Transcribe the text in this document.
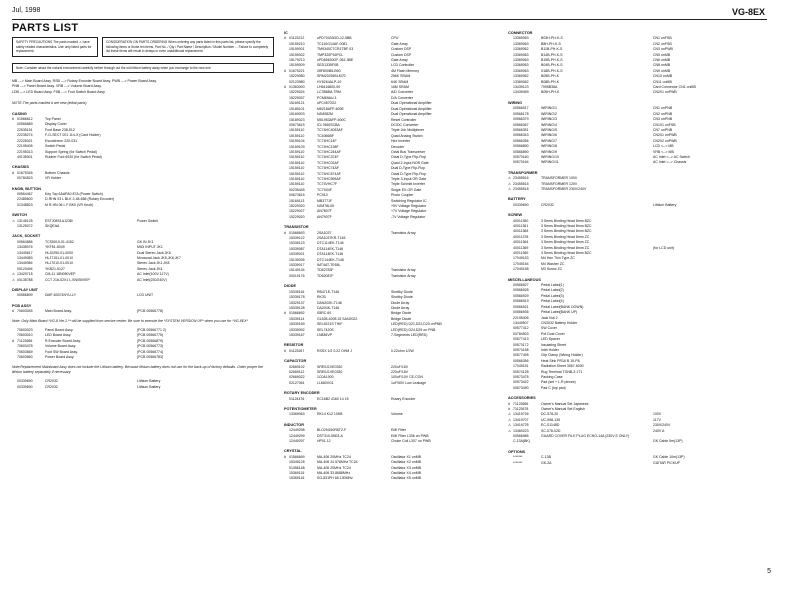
Jul, 1998	VG-8EX
PARTS LIST
SAFETY PRECAUTIONS The parts marked ⚠ have safety related characteristics. Use only listed parts for replacement.
CONSIDERATION ON PARTS ORDERING When ordering any parts listed in this parts list, please specify the following items or those ten items. Part No. / Qty / Part Name / Description / Model Number ... Failure to completely list these items will result in delays or even unadditional replacement.
Note: Consider about the natural environment carefully before through out the old lithium battery away when you exchange to the new one.
MB ---> Main Board Assy. RSB ---> Rotary Encoder Board Assy. PWB ---> Power Board Assy.
PNB ---> Panel Board Assy. VRB ---> Volume Board Assy.
LDB ---> LED Board Assy. FSB ---> Foot Switch Board Assy.
NOTE:The parts marked # are new (initial parts)
CASING
# 01566612	Top Panel
00566689	Display Cover
22535151	Foot Base 238-512
22235274	F-G-SECT 001 114-X (Card Holder)
22225021	Escutcheon 220-031
22195405	Switch Pedal
22195313	Support Spring (for Switch Pedal)
40135001	Rubber Foot 6920 (for Switch Pedal)
CHASSIS
# 01675345	Bottom Chassis
00784523	VR Holder
KNOB, BUTTON
00564467	Key Top 6AAPA0 87A (Power Switch)
22485600	D-RHN 03 L BLK 2-48-658 (Rotary Encoder)
01348823	M R-HN 06 L F BK0 (VR Knob)
SWITCH
⚠ 13145125	ESTJ08S1A1238/	Power Switch
13125072	SKQEAA
JACK, SOCKET
00564586	TCS5010-01-4152	GK IN JK1
13435076	YKF51-5049	MIDI INPUT JK1
13449617	HLJ0250-01-0000	Dual Stereo Jack JK6
13449083	HLJ7151-01-0010	Monaural Jack JK5,JK6,JK7
13449084	HLJ7010-01-0010	Stereo Jack JK1,JK8
00123494	YKB21-5127	Stereo Jack JK4
⚠ 13429718	CM-11 18N050VEP	AC Inlet(100V 117V)
⚠ 00135788	CCT 216-02X1 L,SN050VEP	AC Inlet(230/240V)
DISPLAY UNIT
00566699	DMF-60374NYU-LY	LCD UNIT
PCB ASSY
# 70603045	Main Board Assy.	(PCB 00566778)
Note: Only Main Board *VG-8 Ver.1.** will be supplied from service center. Be sure to execute the *SYSTEM VERSION UP* when you use for *VG-8EX*
70603023	Panel Board Assy.	(PCB 00566771 2)
70603010	LED Board Assy.	(PCB 00566775)
# 71123656	R.Encoder Board Assy.	(PCB 00566879)
70603478	Volume Board Assy.	(PCB 00566773)
70603669	Foot SW Board Assy.	(PCB 00566774)
70603660	Power Board Assy.	(PCB 00566783)
Note:Replacement Mainboard Assy does not include the Lithium battery. Because lithium battery does not use for the back-up of factory defaults. Order proper the lithium battery separately if necessary.
00339690	CR2032	Lithium Battery
00339690	CR2032	Lithium Battery
IC
# 01123212	uPD70433GD-12-5BB	CPU
15159210	TC110G14AF-0081	Gate Array
15159001	TM9340CTCR1TBF-03	Custom DSP
15159002	TMP320P16PCL	Custom DSP
15179213	uPD65630GF-062-3BE	Gate Array
15159009	SED1335F0B	LCD Controller
# 01675221	28F800B5-B90	4M Flash Memory
15229080	SRM20256SLM70	256K SRAM
02123980	HY6264ALP-10	64K SRAM
# 01363000	LH5416800-90	16M SRAM
15229024	LC7888M-TRM	A/D Converter
15229037	PCM69AU-1	D/A Converter
15169121	uPC4570G2	Dual Operational Amplifier
15189101	M5218AFP-600E	Dual Operational Amplifier
15169003	NJM082M	Dual Operational Amplifier
15189023	M51953AFP-600C	Reset Controller
00673615	ICL7660SCBA	DC/DC Converter
15159110	TC74HC4053AF	Triple 2ch Multiplexer
15159110	TC4066BF	Quad Analog Switch
15159104	TC74HC14F	Hex Inverter
15159109	TC74HC138F	Decoder
15159110	TC74HC244AF	Octal Bus Transceiver
15159110	TC74HC374F	Octal D-Type Flip-Flop
15159110	TC74HC02AF	Quad 2-Input NOR Gate
15159110	TC74HC74AF	Dual D-Type Flip-Flop
15159110	TC74HC574AF	Octal D-Type Flip-Flop
15159110	TC74HC595AF	Triple 3-Input OR Gate
15159110	TC74VHC7F	Triple Schmitt Inverter
00235445	TC7S04F	Single EX-OR Gate
00673615	PC910	Photo Coupler
15169113	MB3771F	Switching Regulator IC
15229020	NJM78L05	+5V Voltage Regulator
15229027	AN7807F	+7V Voltage Regulator
15229020	AN7907F	-7V Voltage Regulator
TRANSISTOR
# 01566693	2SA1037	Transistor Array
15339122	2SA1037KR-T146
15339123	DTC114EK-T146
15339087	DTA114EK-T146
15339021	DTA114EK-T146
15139035	DTC144EK-T146
15339017	IMT4AT-TE65L
15149134	TD62783F	Transistor Array
00019176	TD62087F	Transistor Array
DIODE
15339116	RB471E-T146	Shottky Diode
15339178	RK33	Shottky Diode
15329137	DAN202K-T146	Diode Array
15339128	DA204K-T146	Diode Array
# 01566692	S5RC.60	Bridge Diode
15339114	GL528-4005.15 SAN2022	Bridge Diode
15339169	SEL5221S THIF	LED(RED) D21,D22,D23 onPNB
15339092	SEL7420S	LED(RED) D24,D25 on PNB
15339167	LN836VP	7-Segments LED(RED)
RESISTOR
# 01123267	RSSX 1/2 0.22 OHM J	0.22ohm 1/2W
CAPACITOR
02669102	SRE0J1VE0330	220uF/16V
02669112	SRE0J1VE0330	220uF/16V
02669022	1C0A1000	100uF/10V CE-CON
02127061	LL660VG1	1uF/50V Low Leakage
ROTARY ENCODER
01124476	EC16B2 4160 14 15	Rotary Encoder
POTENTIOMETER
13369063	RK14 K12 10KB	Volume
INDUCTOR
12449298	BLO2N150R6T2-F	EMI Filter
12449299	DST310-55D3-A	EMI Filter L306 on PWB
12449297	HP01 12	Choke Coil L307 on PWB
CRYSTAL
# 01566699	MA-406 20MHz TC24	Oscillator X1 onMB
15349125	MA-406 24.576MHz TC24	Oscillator X2 onMB
01356148	MA-406 20MHz TC24	Oscillator X3 onMB
15369115	MA-406 33.8688MHz	Oscillator X4 onMB
15369116	SG-531PH 66.130MHz	Oscillator X5 onMB
CONNECTOR
13369063	B03H-PH-K-S	CN1 onFSB
13369063	B8H-PH-K-S	CN2 onFSB
13369062	B11B-PH-K-S	CN3 onPWB
13369063	B14B-PH-K-S	CN5 onMB
13369063	B15B-PH-K-S	CN6 onMB
13369063	B04B-PH-K-S	CN8 onMB
13369063	S18B-PH-K-S	CN9 onMB
13369062	B05B-PH-K	CN10 onMB
13369062	B08B-PH-K	CN11 onMB
13439123	7095B36A	Card Connector CN1 onMB
13439459	B05H-PH-K	CN201 onPWB
WIRING
00566917	WIRING/1	CN1 onPNB
00566178	WIRING/2	CN2 onPNB
00566379	WIRING/3	CN3 onPNB
00566367	WIRING/4	CN101 onFSB
00566351	WIRING/5	CN7 onPNB
00566343	WIRING/6	CN201 onPWB
00566356	WIRING/7	CN202 onPWB
00566890	WIRING/8	LCD <--> MB
00566890	WIRING/9	VRB <--> MB
00570160	WIRING/10	AC Inlet <--> AC Switch
00570164	WIRING/11	AC Inlet <--> Chassis
TRANSFORMER
⚠ 23455516	TRANSFORMER 100V
⚠ 23455515	TRANSFORMER 120V
⚠ 23455518	TRANSFORMER 230V/240V
BATTERY
00339690	CR2032	Lithium Battery
SCREW
40011350	3 Sems Binding Head 8mm BZC
40011361	3 Sems Binding Head 8mm BZC
40011365	3 Sems Binding Head 8mm BZC
40011378	3 Sems Binding Head 8mm ZC
40011364	3 Sems Binding Head 8mm ZC
40011369	3 Sems Binding Head 8mm ZC	(for LCD unit)
40011369	3 Sems Binding Head 8mm BZC
17049153	M4 Hex Thin Type ZC
17049154	M4 Washer ZC
17049158	M3 Screw ZC
MISCELLANEOUS
00566927	Pedal Label(1)
00566928	Pedal Label(2)
00566929	Pedal Label(3)
00566919	Pedal Label(4)
00566921	Pedal Label(BANK DOWN)
00566936	Pedal Label(BANK UP)
22195406	Jack Nut 2
13449507	CN3032 Battery Holder
00577412	SW Cover
00784503	Pot Dust Cover
00577413	LED Spacer
00573172	Insulating Sheet
00573158	Inlet Holder
00577495	Clip Clamp (Wiring Holder)
00566356	Heat Sink PR16 B 15-P8
17049151	Radiation Sheet 3067-6000
00574128	Rug Terminal TGNB-3 1T1
00573478	Packing Case
00573422	Pad (set + L,R pieces)
00573490	Pad C (top pad)
ACCESSORIES
# 71123656	Owner's Manual Set Japanese
# 71123678	Owner's Manual Set English
⚠ 13419726	DC-578-20	100V
⚠ 13419707	UC-598-139	117V
⚠ 13419725	EC-S1148D	230V/240V
⚠ 13469223	SC-078-02D	240V A
00566985	GUARD COVER FILE PLUG ECHO-14A (230V E ONLY)
C-13A(BK)	GK Cable 5m(13P)
OPTIONS
*******	C-13B	GK Cable 10m(13P)
*******	GK-2A	GUITAR PICKUP
5
